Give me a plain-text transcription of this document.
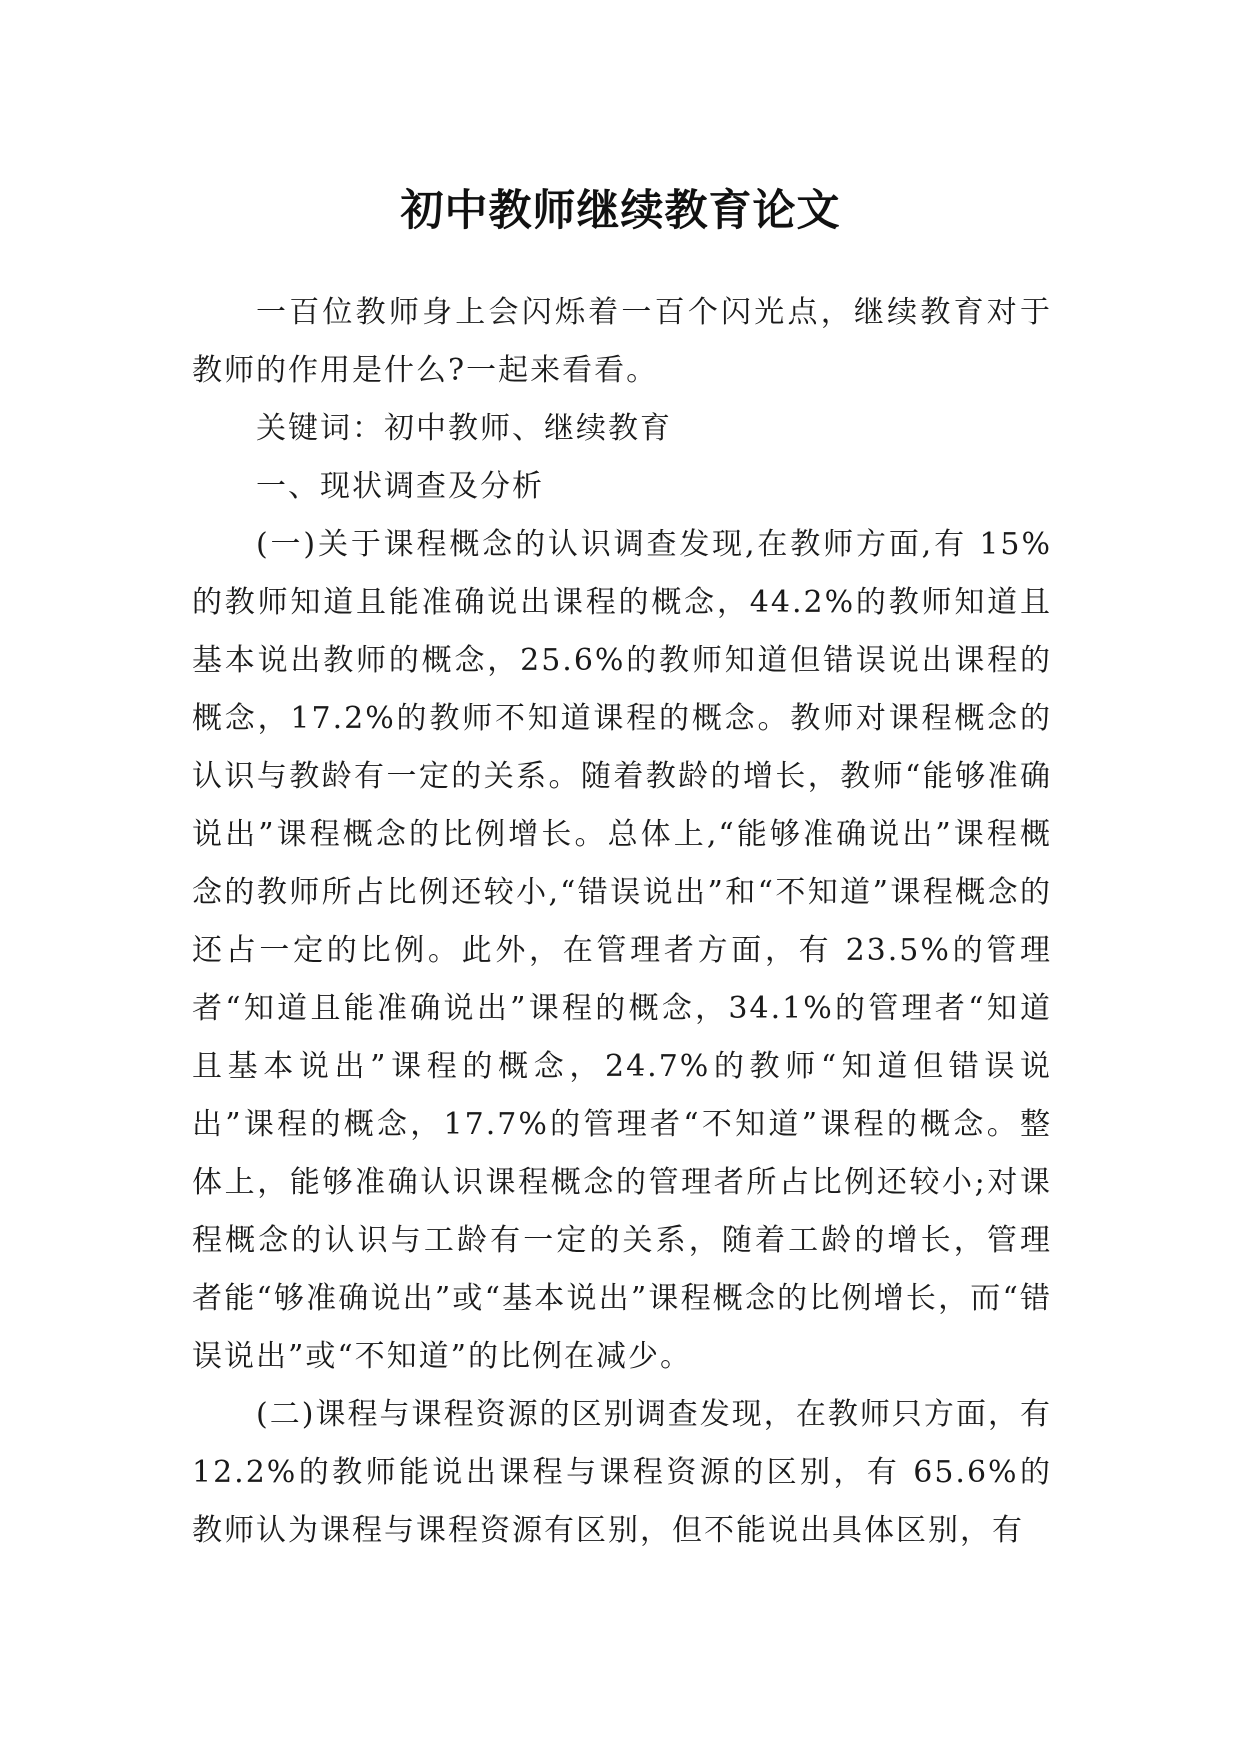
初中教师继续教育论文

一百位教师身上会闪烁着一百个闪光点，继续教育对于教师的作用是什么?一起来看看。

关键词：初中教师、继续教育

一、现状调查及分析

(一)关于课程概念的认识调查发现,在教师方面,有 15%的教师知道且能准确说出课程的概念，44.2%的教师知道且基本说出教师的概念，25.6%的教师知道但错误说出课程的概念，17.2%的教师不知道课程的概念。教师对课程概念的认识与教龄有一定的关系。随着教龄的增长，教师“能够准确说出”课程概念的比例增长。总体上,“能够准确说出”课程概念的教师所占比例还较小,“错误说出”和“不知道”课程概念的还占一定的比例。此外，在管理者方面，有 23.5%的管理者“知道且能准确说出”课程的概念，34.1%的管理者“知道且基本说出”课程的概念，24.7%的教师“知道但错误说出”课程的概念，17.7%的管理者“不知道”课程的概念。整体上，能够准确认识课程概念的管理者所占比例还较小;对课程概念的认识与工龄有一定的关系，随着工龄的增长，管理者能“够准确说出”或“基本说出”课程概念的比例增长，而“错误说出”或“不知道”的比例在减少。

(二)课程与课程资源的区别调查发现，在教师只方面，有 12.2%的教师能说出课程与课程资源的区别，有 65.6%的教师认为课程与课程资源有区别，但不能说出具体区别，有
